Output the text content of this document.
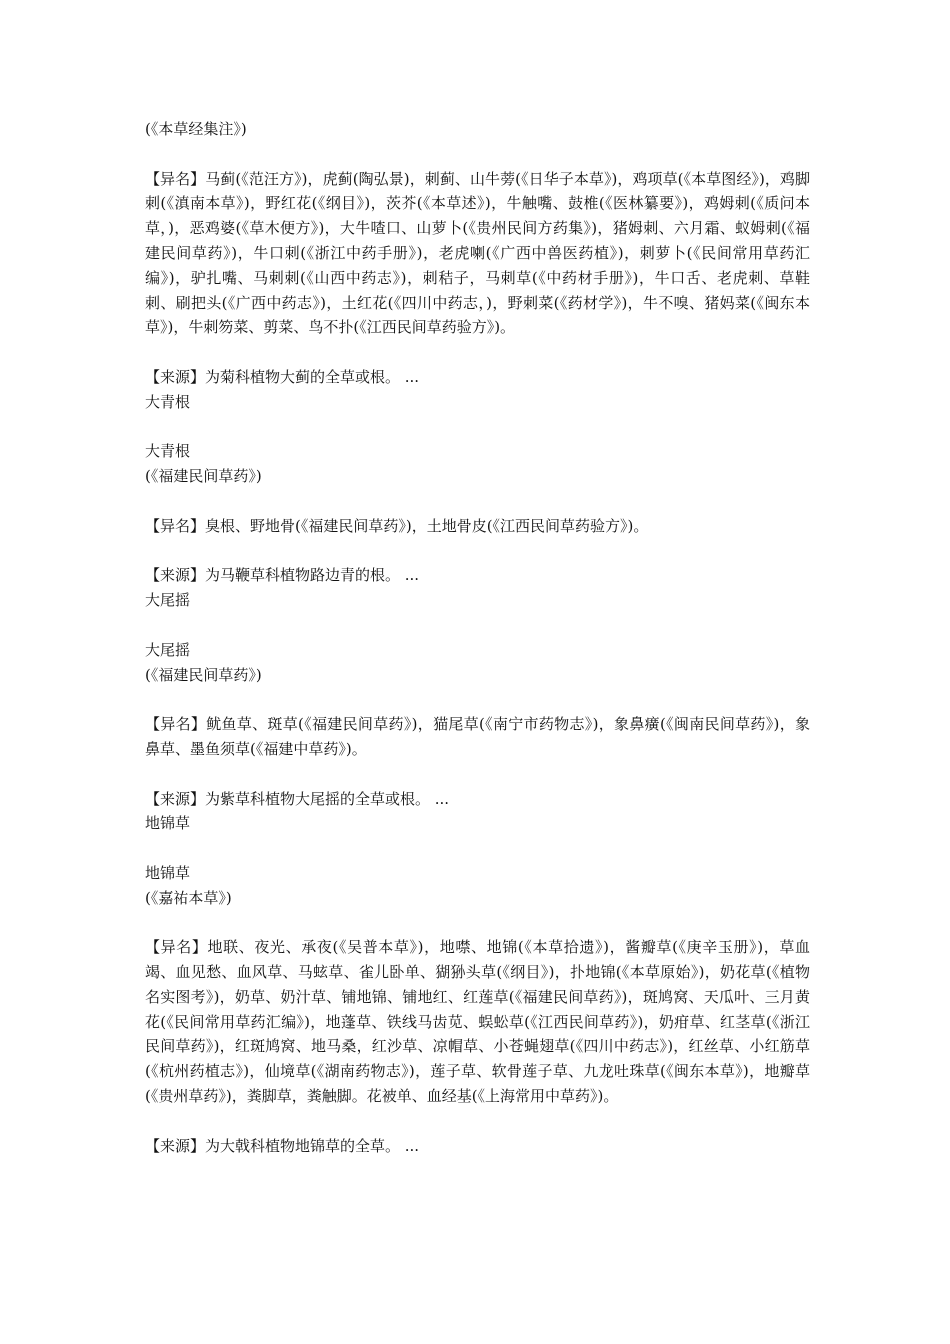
(《本草经集注》)
【异名】马蓟(《范汪方》)，虎蓟(陶弘景)，刺蓟、山牛蒡(《日华子本草》)，鸡项草(《本草图经》)，鸡脚刺(《滇南本草》)，野红花(《纲目》)，茨芥(《本草述》)，牛触嘴、鼓椎(《医林纂要》)，鸡姆刺(《质问本草，)，恶鸡婆(《草木便方》)，大牛喳口、山萝卜(《贵州民间方药集》)，猪姆刺、六月霜、蚁姆刺(《福建民间草药》)，牛口刺(《浙江中药手册》)，老虎喇(《广西中兽医药植》)，刺萝卜(《民间常用草药汇编》)，驴扎嘴、马刺刺(《山西中药志》)，刺秸子，马刺草(《中药材手册》)，牛口舌、老虎刺、草鞋刺、刷把头(《广西中药志》)，土红花(《四川中药志，)，野刺菜(《药材学》)，牛不嗅、猪妈菜(《闽东本草》)，牛刺笏菜、剪菜、鸟不扑(《江西民间草药验方》)。
【来源】为菊科植物大蓟的全草或根。 ...
大青根
大青根
(《福建民间草药》)
【异名】臭根、野地骨(《福建民间草药》)，土地骨皮(《江西民间草药验方》)。
【来源】为马鞭草科植物路边青的根。 ...
大尾摇
大尾摇
(《福建民间草药》)
【异名】鱿鱼草、斑草(《福建民间草药》)，猫尾草(《南宁市药物志》)，象鼻癀(《闽南民间草药》)，象鼻草、墨鱼须草(《福建中草药》)。
【来源】为紫草科植物大尾摇的全草或根。 ...
地锦草
地锦草
(《嘉祐本草》)
【异名】地联、夜光、承夜(《吴普本草》)，地噤、地锦(《本草拾遗》)，酱瓣草(《庚辛玉册》)，草血竭、血见愁、血风草、马蚿草、雀儿卧单、猢狲头草(《纲目》)，扑地锦(《本草原始》)，奶花草(《植物名实图考》)，奶草、奶汁草、铺地锦、铺地红、红莲草(《福建民间草药》)，斑鸠窝、天瓜叶、三月黄花(《民间常用草药汇编》)，地蓬草、铁线马齿苋、蜈蚣草(《江西民间草药》)，奶疳草、红茎草(《浙江民间草药》)，红斑鸠窝、地马桑，红沙草、凉帽草、小苍蝇翅草(《四川中药志》)，红丝草、小红筋草(《杭州药植志》)，仙境草(《湖南药物志》)，莲子草、软骨莲子草、九龙吐珠草(《闽东本草》)，地瓣草(《贵州草药》)，粪脚草，粪触脚。花被单、血经基(《上海常用中草药》)。
【来源】为大戟科植物地锦草的全草。 ...
